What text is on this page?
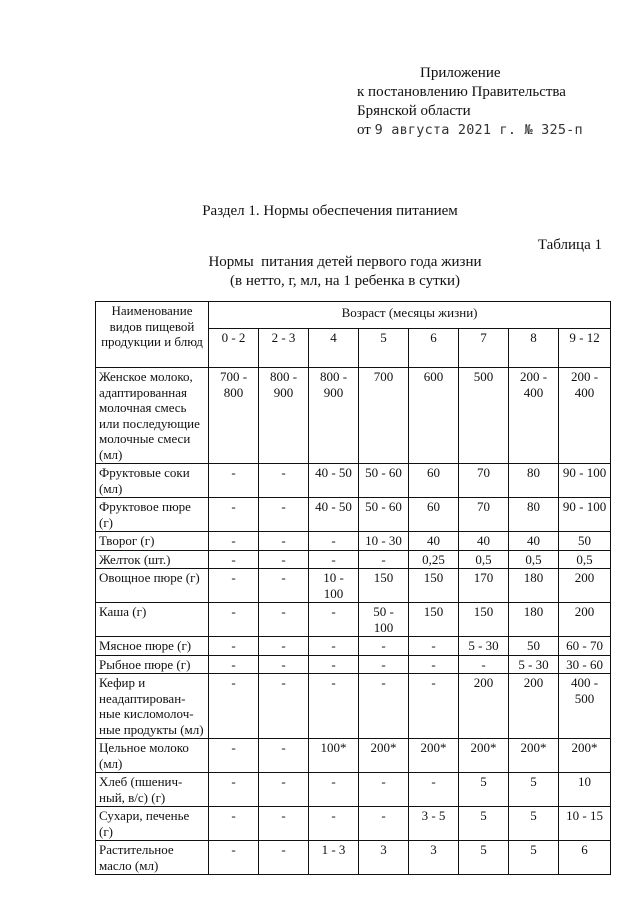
Приложение
к постановлению Правительства
Брянской области
от 9 августа 2021 г. № 325-п
Раздел 1. Нормы обеспечения питанием
Таблица 1
Нормы  питания детей первого года жизни
(в нетто, г, мл, на 1 ребенка в сутки)
Наименование видов пищевой продукции и блюд	Возраст (месяцы жизни)							
	0 - 2	2 - 3	4	5	6	7	8	9 - 12
Женское молоко, адаптированная молочная смесь или последующие молочные смеси (мл)	700 - 800	800 - 900	800 - 900	700	600	500	200 - 400	200 - 400
Фруктовые соки (мл)	-	-	40 - 50	50 - 60	60	70	80	90 - 100
Фруктовое пюре (г)	-	-	40 - 50	50 - 60	60	70	80	90 - 100
Творог (г)	-	-	-	10 - 30	40	40	40	50
Желток (шт.)	-	-	-	-	0,25	0,5	0,5	0,5
Овощное пюре (г)	-	-	10 - 100	150	150	170	180	200
Каша (г)	-	-	-	50 - 100	150	150	180	200
Мясное пюре (г)	-	-	-	-	-	5 - 30	50	60 - 70
Рыбное пюре (г)	-	-	-	-	-	-	5 - 30	30 - 60
Кефир и неадаптирован-ные кисломолоч-ные продукты (мл)	-	-	-	-	-	200	200	400 - 500
Цельное молоко (мл)	-	-	100*	200*	200*	200*	200*	200*
Хлеб (пшенич-ный, в/с) (г)	-	-	-	-	-	5	5	10
Сухари, печенье (г)	-	-	-	-	3 - 5	5	5	10 - 15
Растительное масло (мл)	-	-	1 - 3	3	3	5	5	6
